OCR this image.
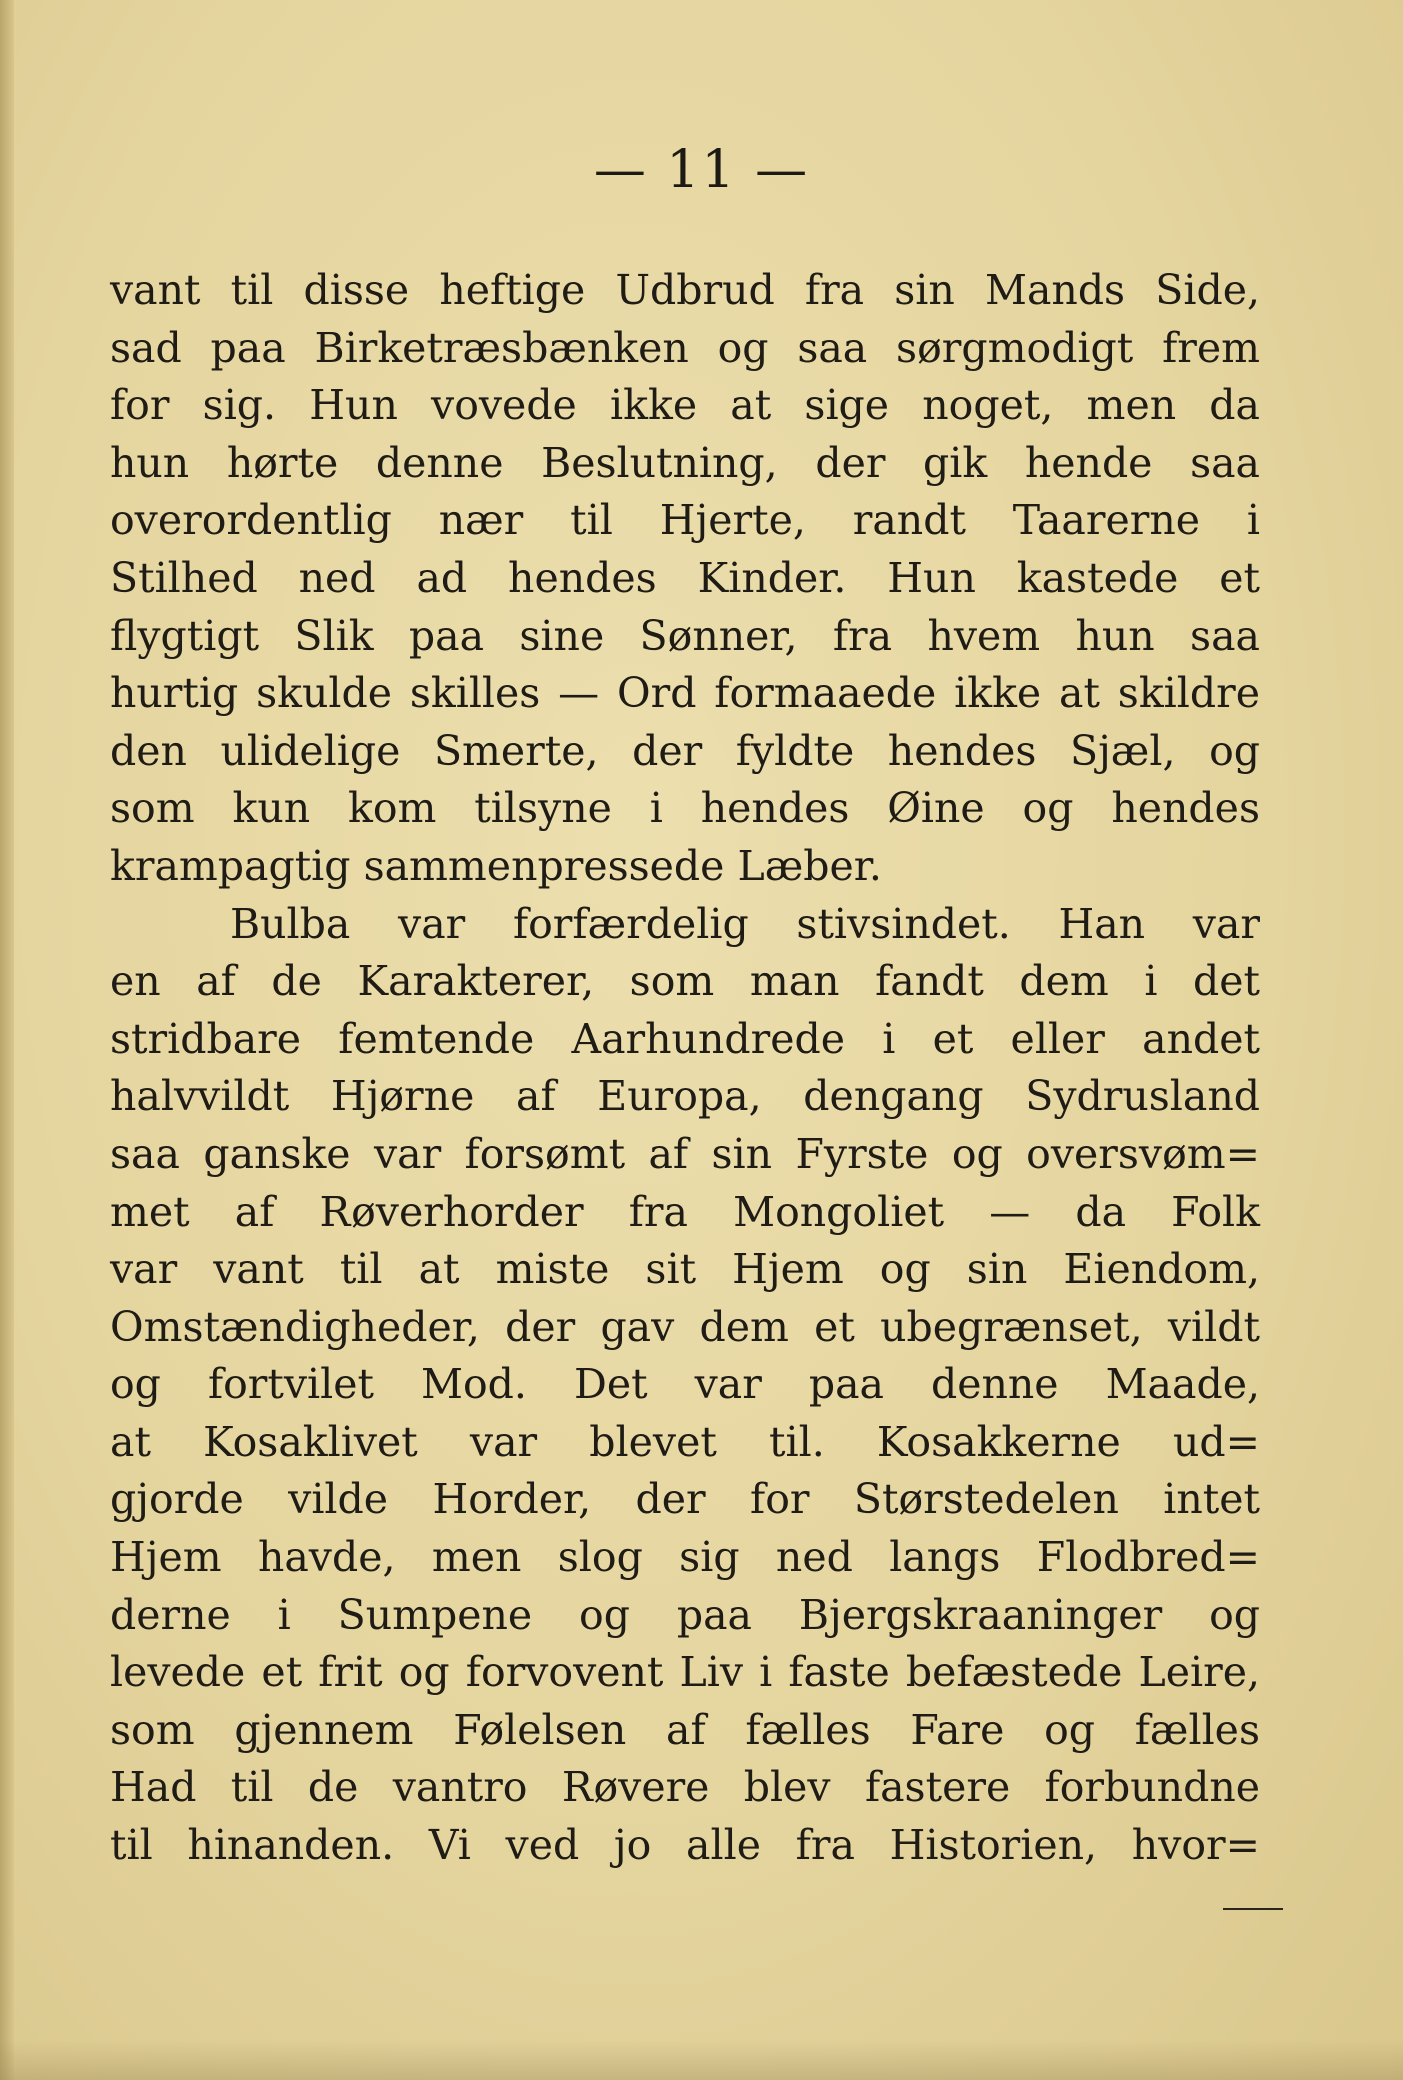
— 11 —
vant til disse heftige Udbrud fra sin Mands Side,
sad paa Birketræsbænken og saa sørgmodigt frem
for sig. Hun vovede ikke at sige noget, men da
hun hørte denne Beslutning, der gik hende saa
overordentlig nær til Hjerte, randt Taarerne i
Stilhed ned ad hendes Kinder. Hun kastede et
flygtigt Slik paa sine Sønner, fra hvem hun saa
hurtig skulde skilles — Ord formaaede ikke at skildre
den ulidelige Smerte, der fyldte hendes Sjæl, og
som kun kom tilsyne i hendes Øine og hendes
krampagtig sammenpressede Læber.
Bulba var forfærdelig stivsindet. Han var
en af de Karakterer, som man fandt dem i det
stridbare femtende Aarhundrede i et eller andet
halvvildt Hjørne af Europa, dengang Sydrusland
saa ganske var forsømt af sin Fyrste og oversvøm=
met af Røverhorder fra Mongoliet — da Folk
var vant til at miste sit Hjem og sin Eiendom,
Omstændigheder, der gav dem et ubegrænset, vildt
og fortvilet Mod. Det var paa denne Maade,
at Kosaklivet var blevet til. Kosakkerne ud=
gjorde vilde Horder, der for Størstedelen intet
Hjem havde, men slog sig ned langs Flodbred=
derne i Sumpene og paa Bjergskraaninger og
levede et frit og forvovent Liv i faste befæstede Leire,
som gjennem Følelsen af fælles Fare og fælles
Had til de vantro Røvere blev fastere forbundne
til hinanden. Vi ved jo alle fra Historien, hvor=
